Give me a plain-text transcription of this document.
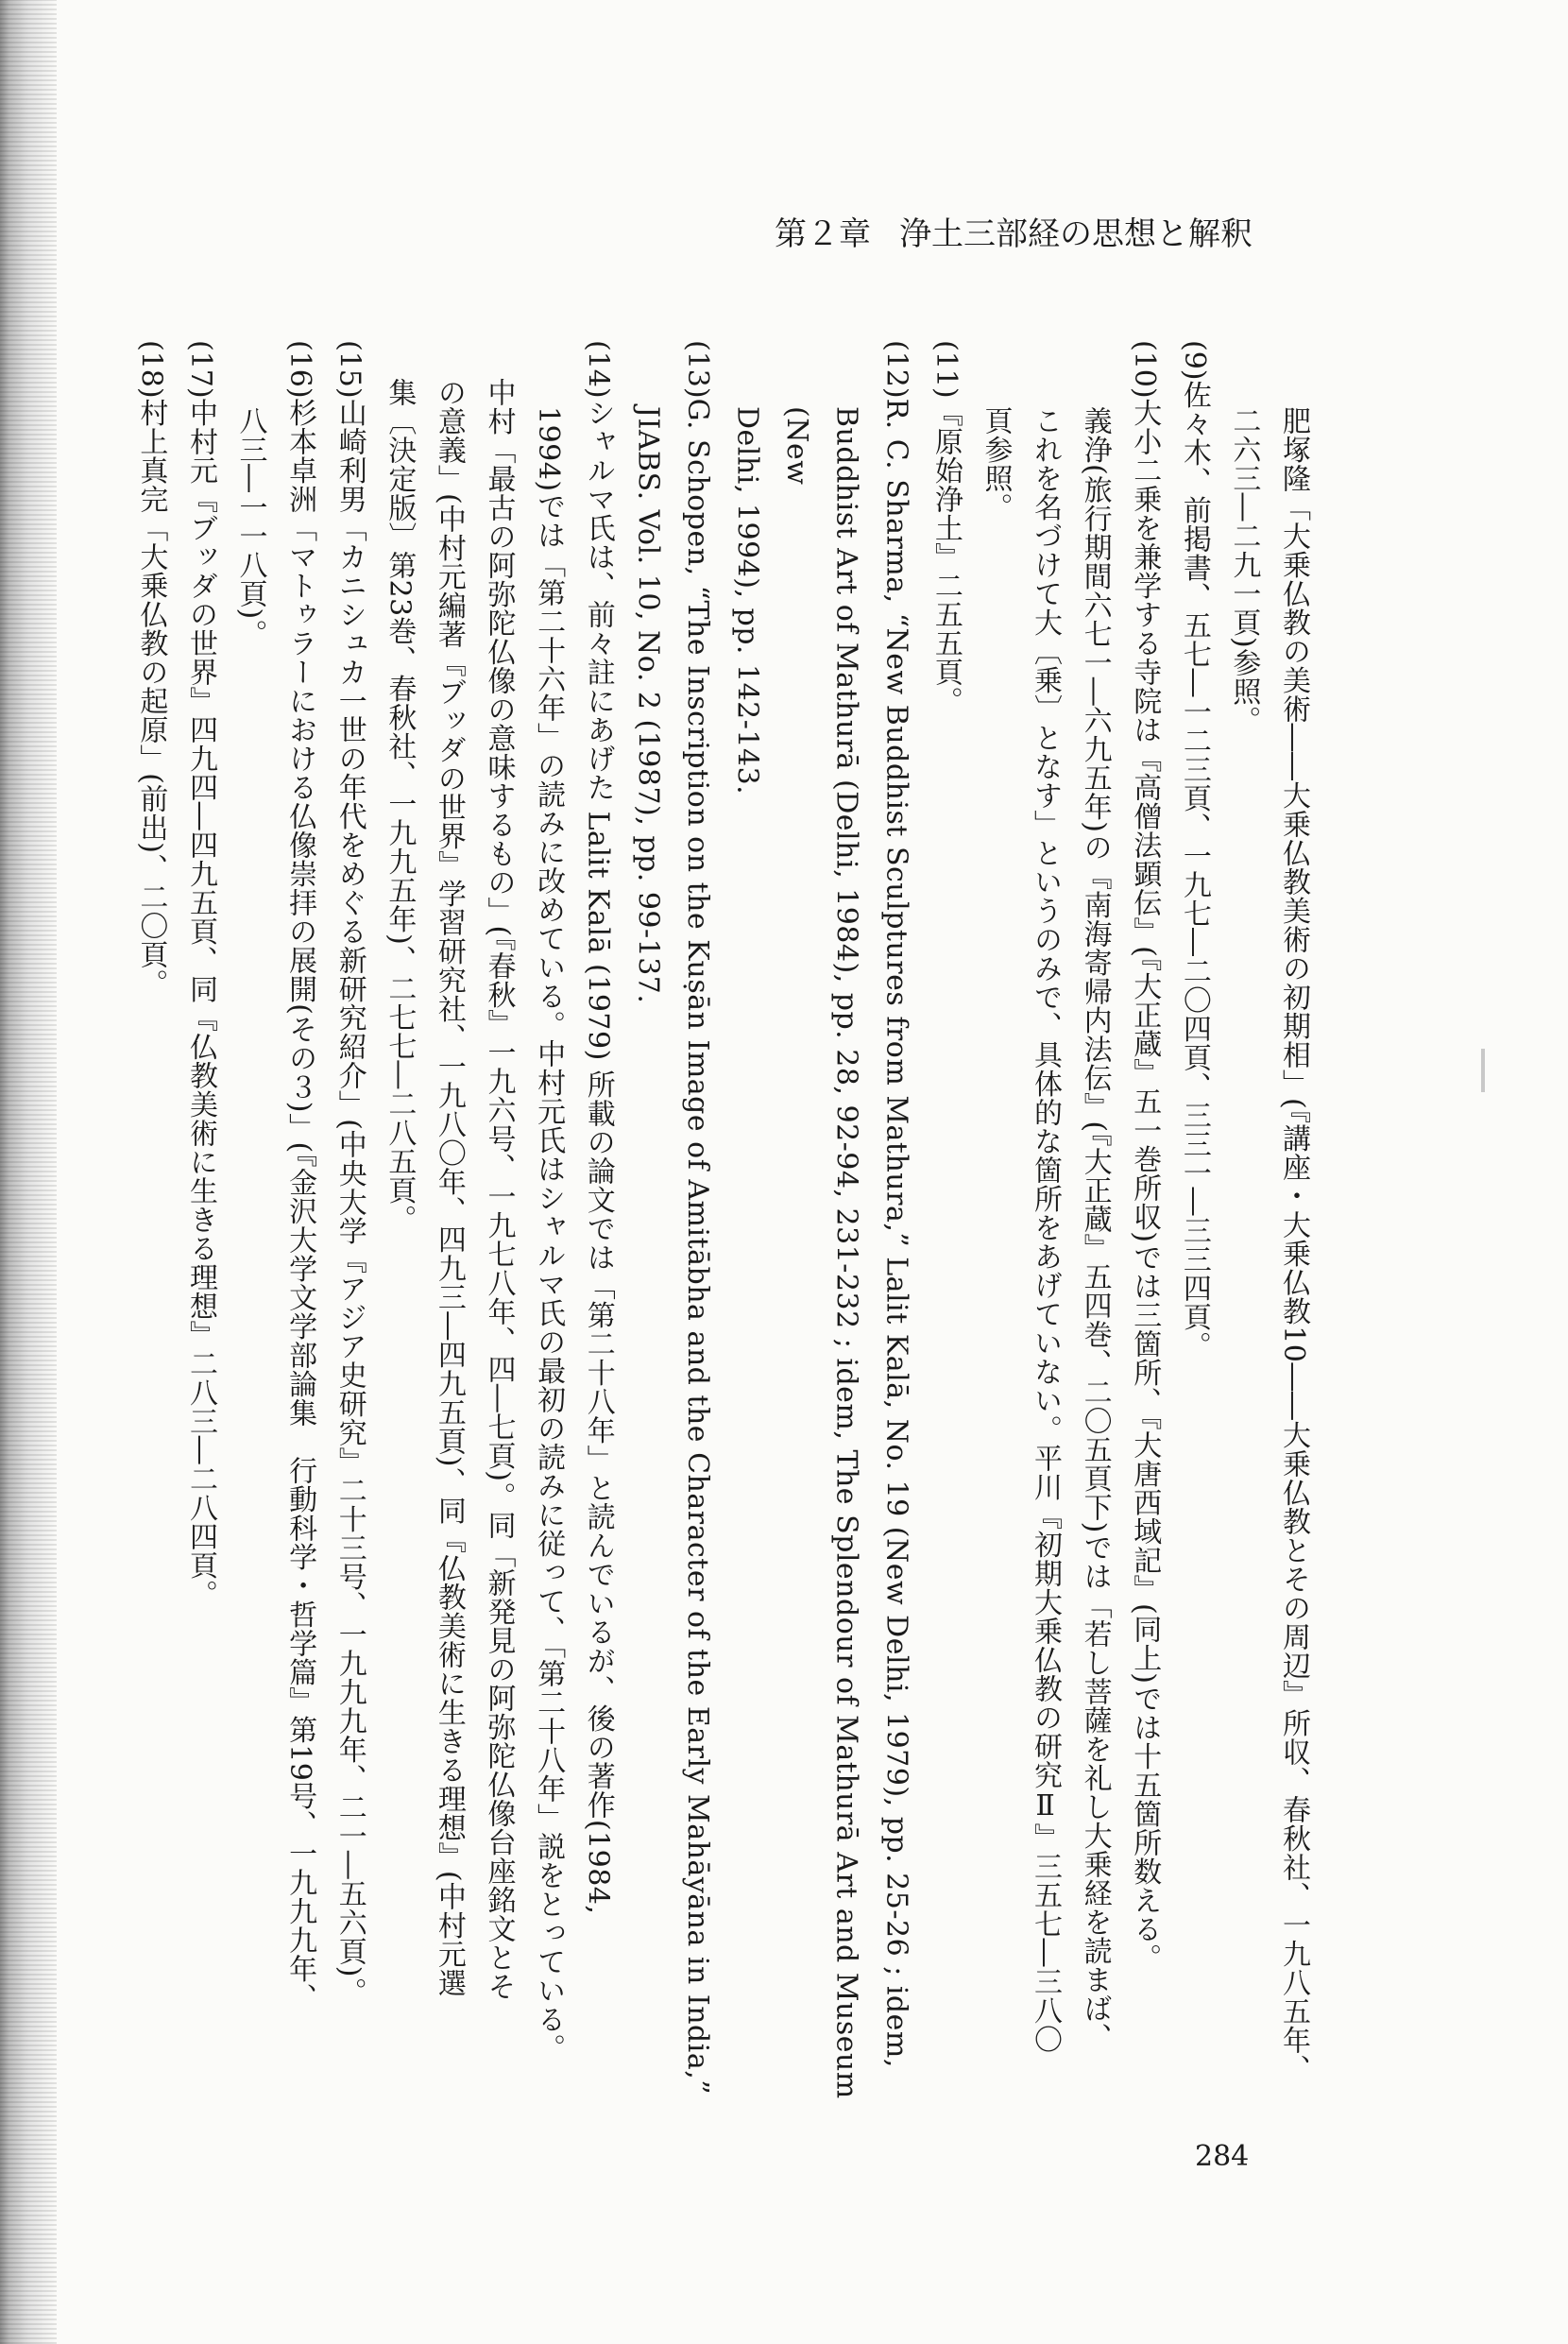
第２章 浄土三部経の思想と解釈

肥塚隆「大乗仏教の美術――大乗仏教美術の初期相」(『講座・大乗仏教10――大乗仏教とその周辺』所収、春秋社、一九八五年、

二六三―二九一頁)参照。

(9)佐々木、前掲書、五七―一二三頁、一九七―二〇四頁、三三一―三三四頁。

(10)大小二乗を兼学する寺院は『高僧法顕伝』(『大正蔵』五一巻所収)では三箇所、『大唐西域記』(同上)では十五箇所数える。

義浄(旅行期間六七一―六九五年)の『南海寄帰内法伝』(『大正蔵』五四巻、二〇五頁下)では「若し菩薩を礼し大乗経を読まば、

これを名づけて大〔乗〕となす」というのみで、具体的な箇所をあげていない。平川『初期大乗仏教の研究Ⅱ』三五七―三八〇

頁参照。

(11)『原始浄土』二五五頁。

(12)R. C. Sharma, “New Buddhist Sculptures from Mathura,” Lalit Kalā, No. 19 (New Delhi, 1979), pp. 25-26 ; idem,

Buddhist Art of Mathurā (Delhi, 1984), pp. 28, 92-94, 231-232 ; idem, The Splendour of Mathurā Art and Museum (New

Delhi, 1994), pp. 142-143.

(13)G. Schopen, “The Inscription on the Kuṣān Image of Amitābha and the Character of the Early Mahāyāna in India,”

JIABS. Vol. 10, No. 2 (1987), pp. 99-137.

(14)シャルマ氏は、前々註にあげた Lalit Kalā (1979) 所載の論文では「第二十八年」と読んでいるが、後の著作(1984,

1994)では「第二十六年」の読みに改めている。中村元氏はシャルマ氏の最初の読みに従って、「第二十八年」説をとっている。

中村「最古の阿弥陀仏像の意味するもの」(『春秋』一九六号、一九七八年、四―七頁)。同「新発見の阿弥陀仏像台座銘文とそ

の意義」(中村元編著『ブッダの世界』学習研究社、一九八〇年、四九三―四九五頁)、同『仏教美術に生きる理想』(中村元選

集〔決定版〕第23巻、春秋社、一九九五年)、二七七―二八五頁。

(15)山崎利男「カニシュカ一世の年代をめぐる新研究紹介」(中央大学『アジア史研究』二十三号、一九九九年、二一―五六頁)。

(16)杉本卓洲「マトゥラーにおける仏像崇拝の展開(その３)」(『金沢大学文学部論集　行動科学・哲学篇』第19号、一九九九年、

八三―一一八頁)。

(17)中村元『ブッダの世界』四九四―四九五頁、同『仏教美術に生きる理想』二八三―二八四頁。

(18)村上真完「大乗仏教の起原」(前出)、二〇頁。

284
